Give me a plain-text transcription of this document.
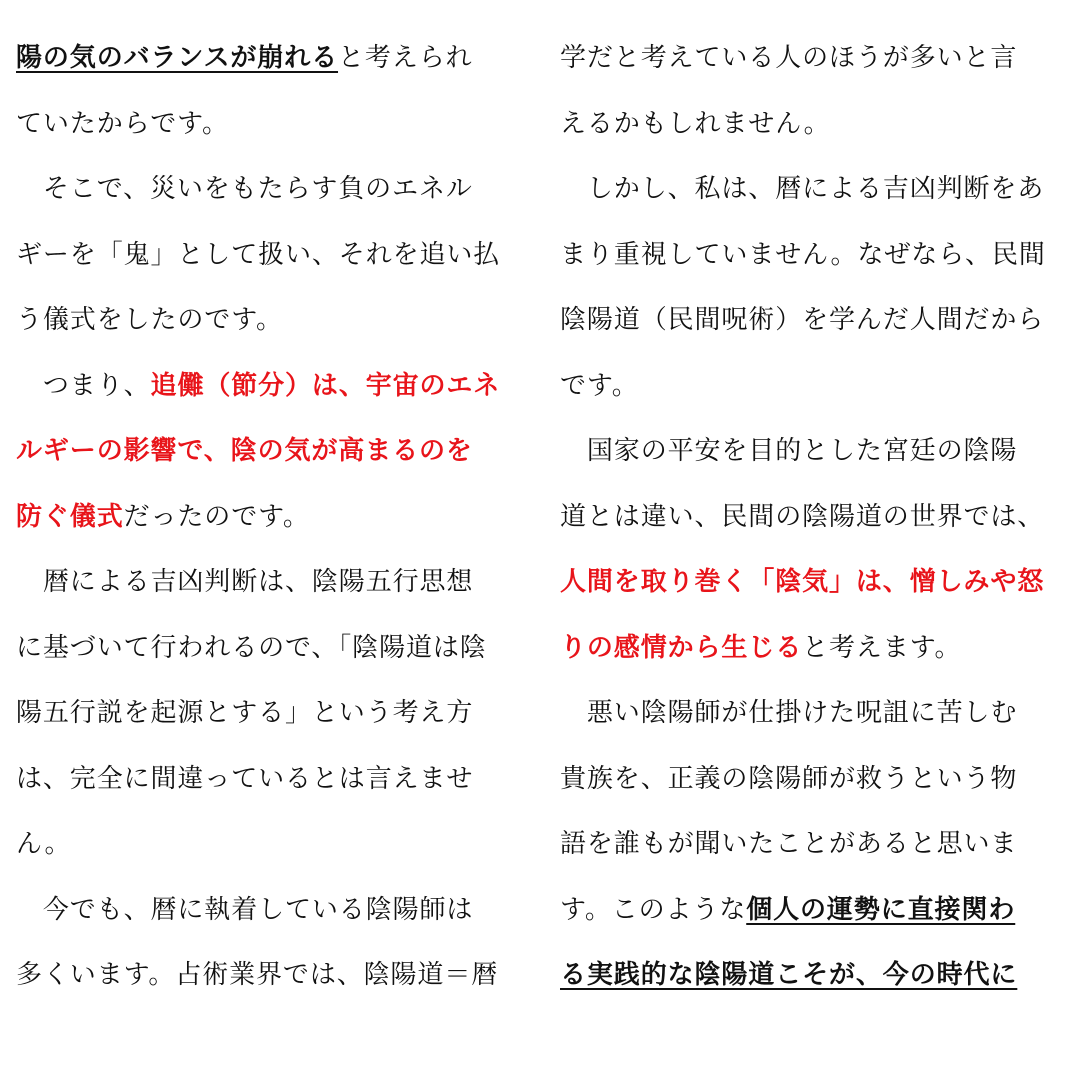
陽の気のバランスが崩れると考えられ
ていたからです。
　そこで、災いをもたらす負のエネル
ギーを「鬼」として扱い、それを追い払
う儀式をしたのです。
　つまり、追儺（節分）は、宇宙のエネ
ルギーの影響で、陰の気が高まるのを
防ぐ儀式だったのです。
　暦による吉凶判断は、陰陽五行思想
に基づいて行われるので、「陰陽道は陰
陽五行説を起源とする」という考え方
は、完全に間違っているとは言えませ
ん。
　今でも、暦に執着している陰陽師は
多くいます。占術業界では、陰陽道＝暦
学だと考えている人のほうが多いと言
えるかもしれません。
　しかし、私は、暦による吉凶判断をあ
まり重視していません。なぜなら、民間
陰陽道（民間呪術）を学んだ人間だから
です。
　国家の平安を目的とした宮廷の陰陽
道とは違い、民間の陰陽道の世界では、
人間を取り巻く「陰気」は、憎しみや怒
りの感情から生じると考えます。
　悪い陰陽師が仕掛けた呪詛に苦しむ
貴族を、正義の陰陽師が救うという物
語を誰もが聞いたことがあると思いま
す。このような個人の運勢に直接関わ
る実践的な陰陽道こそが、今の時代に
